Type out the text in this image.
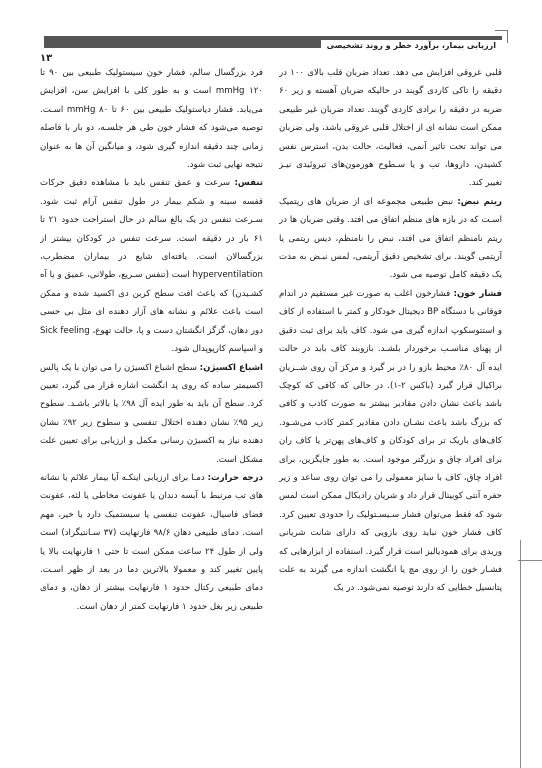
ارزیابی بیمار، برآورد خطر و روند تشخیصی
۱۳

قلبی عروقی افزایش می دهد. تعداد ضربان قلب بالای ۱۰۰ در دقیقه را تاکی کاردی گویند در حالیکه ضربان آهسته و زیر ۶۰ ضربه در دقیقه را برادی کاردی گویند. تعداد ضربان غیر طبیعی ممکن است نشانه ای از اختلال قلبی عروقی باشد، ولی ضربان می تواند تحت تاثیر آنمی، فعالیت، حالت بدن، استرس نفس کشیدن، داروها، تب و یا سـطوح هورمون‌های تیروئیدی نیـز تغییر کند.

ریتم نبض: نبض طبیعی مجموعه ای از ضربان های ریتمیک اسـت که در بازه های منظم اتفاق می افتد. وقتی ضربان ها در ریتم نامنظم اتفاق می افتد، نبض را نامنظم، دیس ریتمی یا آریتمی گویند. برای تشخیص دقیق آریتمی، لمس نبـض به مدت یک دقیقه کامل توصیه می شود.

فشار خون: فشارخون اغلب به صورت غیر مستقیم در اندام فوقانی با دستگاه BP دیجیتال خودکار و کمتر با استفاده از کاف و استتوسکوپ اندازه گیری می شود. کاف باید برای ثبت دقیق از پهنای مناسـب برخوردار بلشـد. بازوبند کاف باید در حالت ایده آل ۸۰٪ محیط بازو را در بر گیرد و مرکز آن روی شــریان براکیال قرار گیرد (باکس ۲-۱). در حالی که کافی که کوچک باشد باعث نشان دادن مقادیر بیشتر به صورت کاذب و کافی که بزرگ باشد باعث نشـان دادن مقادیر کمتر کاذب می‌شـود. کاف‌های باریک تر برای کودکان و کاف‌های پهن‌تر یا کاف ران برای افراد چاق و بزرگتر موجود است. به طور جایگزین، برای افراد چاق، کاف با سایز معمولی را می توان روی ساعد و زیر حفره آنتی کوبیتال قرار داد و شریان رادیکال ممکن است لمس شود که فقط می‌توان فشار سـیسـتولیک را حدودی تعیین کرد. کاف فشار خون نباید روی بازویی که دارای شانت شریانی وریدی برای همودیالیز است قرار گیرد. استفاده از ابزارهایی که فشـار خون را از روی مچ یا انگشت اندازه می گیرند به علت پتانسیل خطایی که دارند توصیه نمی‌شود. در یک

فرد بزرگسال سالم، فشار خون سیستولیک طبیعی بین ۹۰ تا ۱۲۰ mmHg است و به طور کلی با افزایش سن، افزایش می‌یابد. فشار دیاستولیک طبیعی بین ۶۰ تا ۸۰ mmHg اسـت. توصیه می‌شود که فشار خون طی هر جلسـه، دو بار با فاصله زمانی چند دقیقه اندازه گیری شود، و میانگین آن ها به عنوان نتیجه نهایی ثبت شود.

تنفس: سرعت و عمق تنفس باید با مشاهده دقیق حرکات قفسه سینه و شکم بیمار در طول تنفس آرام ثبت شود. سـرعت تنفس در یک بالغ سالم در حال استراحت حدود ۲۱ تا ۶۱ بار در دقیقه است. سرعت تنفس در کودکان بیشتر از بزرگسالان است. یافته‌ای شایع در بیماران مضطرب، hyperventilation است (تنفس سـریع، طولانی، عمیق و یا آه کشـیدن) که باعث افت سطح کربن دی اکسید شده و ممکن است باعث علائم و نشانه های آزار دهنده ای مثل بی حسی دور دهان، گزگز انگشتان دست و پا، حالت تهوع، Sick feeling و اسپاسم کارپوپدال شود.

اشباع اکسیژن: سطح اشباع اکسیژن را می توان با یک پالس اکسیمتر ساده که روی پد انگشت اشاره قرار می گیرد، تعیین کرد. سطح آن باید به طور ایده آل ۹۸٪ یا بالاتر باشـد. سطوح زیر ۹۵٪ نشان دهنده اختلال تنفسی و سطوح زیر ۹۲٪ نشان دهنده نیاز به اکسیژن رسانی مکمل و ارزیابی برای تعیین علت مشکل است.

درجه حرارت: دمـا برای ارزیابی اینکـه آیا بیمار علائم یا نشانه های تب مرتبط با آبسه دندان یا عفونت مخاطی یا لثه، عفونت فضای فاسیال، عفونت تنفسی یا سیستمیک دارد یا خیر، مهم است. دمای طبیعی دهان ۹۸/۶ فارنهایت (۳۷ سـانتیگراد) است ولی از طول ۲۴ ساعت ممکن است تا حتی ۱ فارنهایت بالا یا پایین تغییر کند و معمولا بالاترین دما در بعد از ظهر اسـت. دمای طبیعی رکتال حدود ۱ فارنهایت بیشتر از دهان، و دمای طبیعی زیر بغل حدود ۱ فارنهایت کمتر از دهان است.
